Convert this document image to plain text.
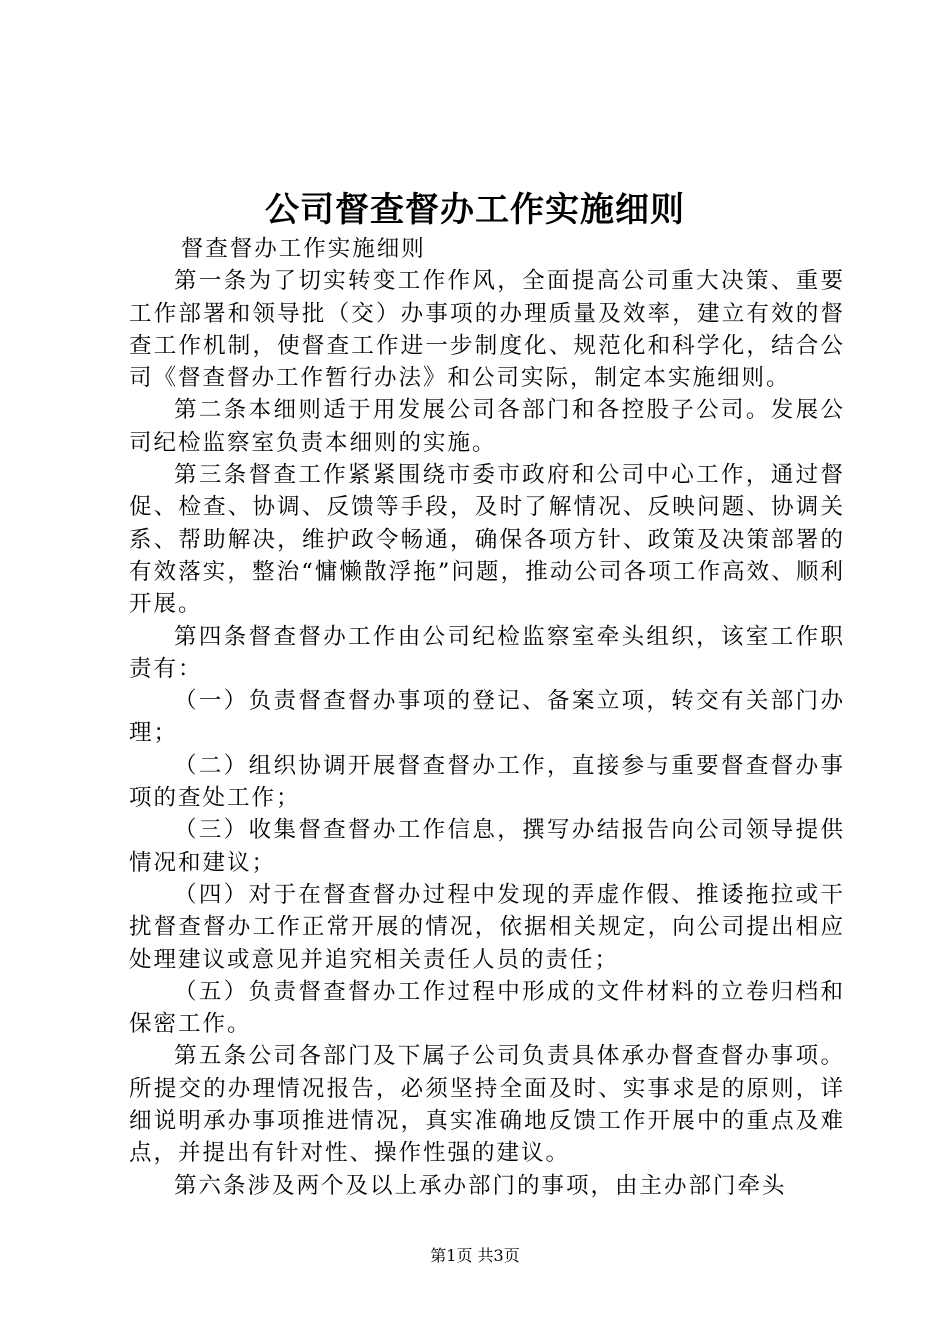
公司督查督办工作实施细则

督查督办工作实施细则

第一条为了切实转变工作作风，全面提高公司重大决策、重要工作部署和领导批（交）办事项的办理质量及效率，建立有效的督查工作机制，使督查工作进一步制度化、规范化和科学化，结合公司《督查督办工作暂行办法》和公司实际，制定本实施细则。

第二条本细则适于用发展公司各部门和各控股子公司。发展公司纪检监察室负责本细则的实施。

第三条督查工作紧紧围绕市委市政府和公司中心工作，通过督促、检查、协调、反馈等手段，及时了解情况、反映问题、协调关系、帮助解决，维护政令畅通，确保各项方针、政策及决策部署的有效落实，整治“慵懒散浮拖”问题，推动公司各项工作高效、顺利开展。

第四条督查督办工作由公司纪检监察室牵头组织，该室工作职责有：

（一）负责督查督办事项的登记、备案立项，转交有关部门办理；

（二）组织协调开展督查督办工作，直接参与重要督查督办事项的查处工作；

（三）收集督查督办工作信息，撰写办结报告向公司领导提供情况和建议；

（四）对于在督查督办过程中发现的弄虚作假、推诿拖拉或干扰督查督办工作正常开展的情况，依据相关规定，向公司提出相应处理建议或意见并追究相关责任人员的责任；

（五）负责督查督办工作过程中形成的文件材料的立卷归档和保密工作。

第五条公司各部门及下属子公司负责具体承办督查督办事项。所提交的办理情况报告，必须坚持全面及时、实事求是的原则，详细说明承办事项推进情况，真实准确地反馈工作开展中的重点及难点，并提出有针对性、操作性强的建议。

第六条涉及两个及以上承办部门的事项，由主办部门牵头

第1页 共3页
